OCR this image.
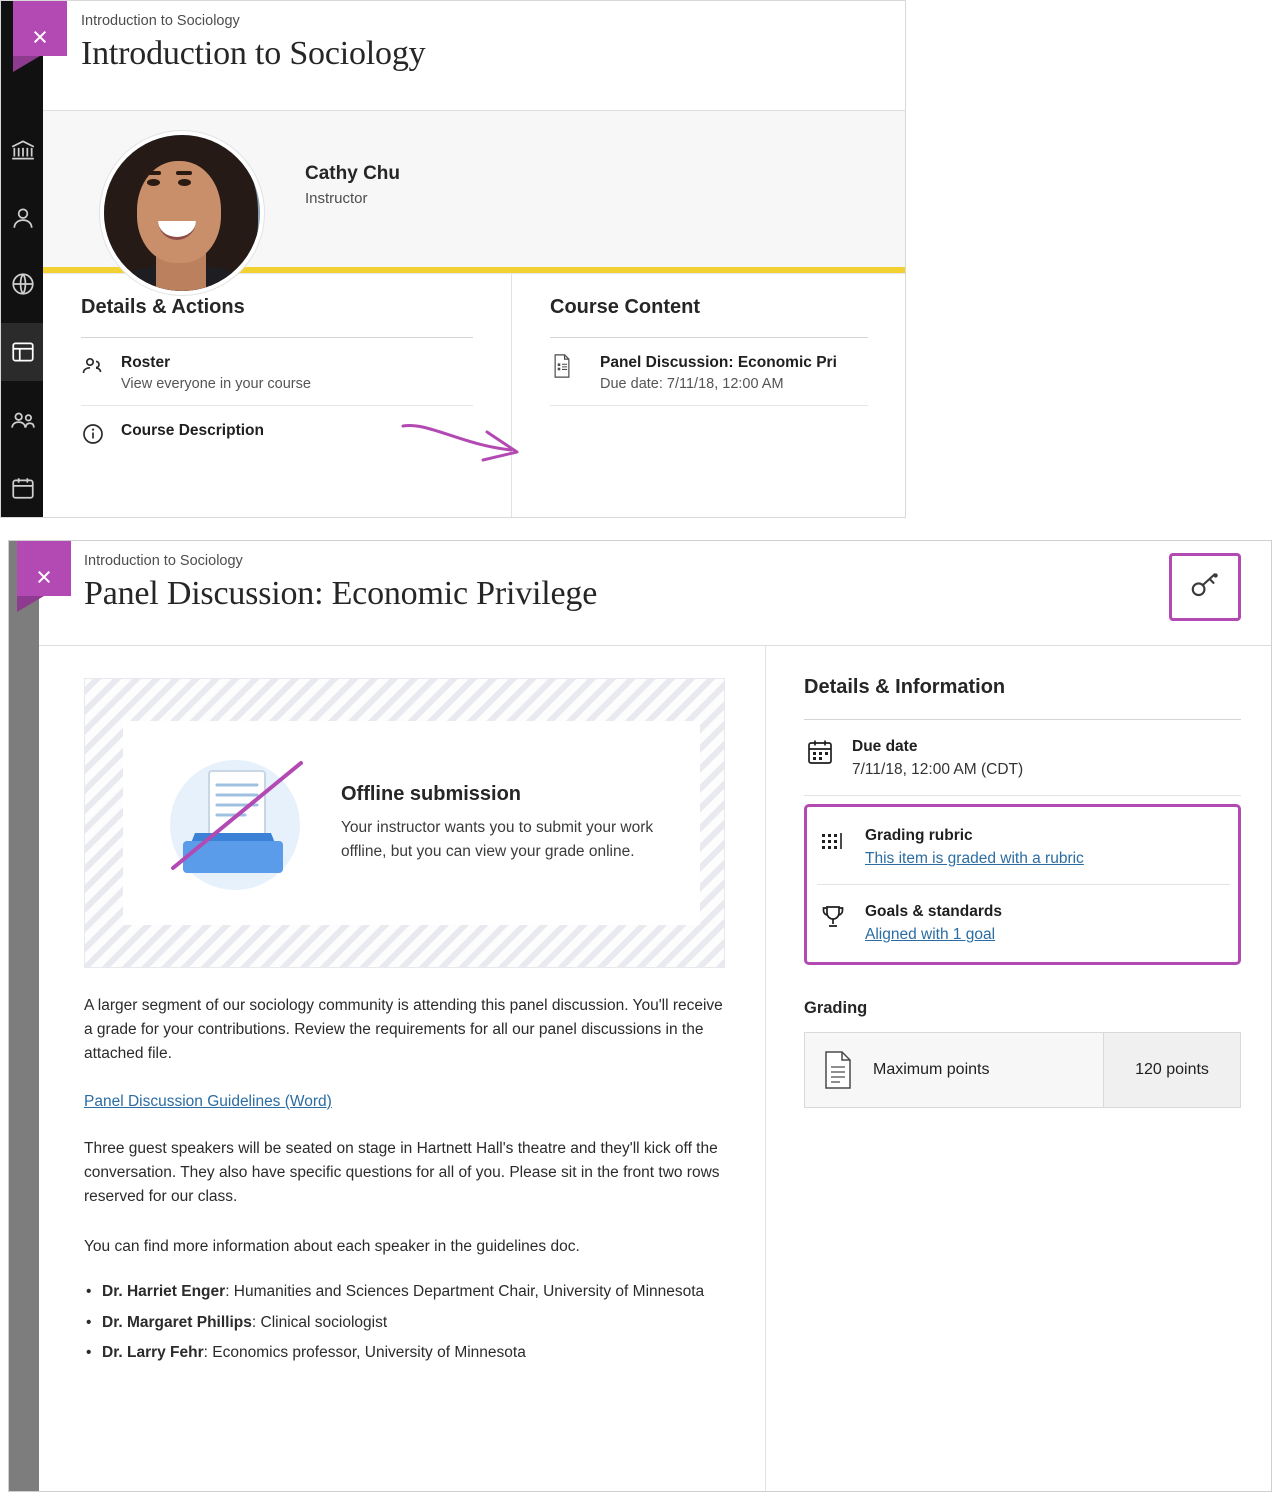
×
Introduction to Sociology
Introduction to Sociology
Cathy Chu
Instructor
Details & Actions
Roster
View everyone in your course
Course Description
Course Content
Panel Discussion: Economic Pri
Due date: 7/11/18, 12:00 AM
×
Introduction to Sociology
Panel Discussion: Economic Privilege
Offline submission
Your instructor wants you to submit your work offline, but you can view your grade online.
A larger segment of our sociology community is attending this panel discussion. You'll receive a grade for your contributions. Review the requirements for all our panel discussions in the attached file.
Panel Discussion Guidelines (Word)
Three guest speakers will be seated on stage in Hartnett Hall's theatre and they'll kick off the conversation. They also have specific questions for all of you. Please sit in the front two rows reserved for our class.
You can find more information about each speaker in the guidelines doc.
• Dr. Harriet Enger: Humanities and Sciences Department Chair, University of Minnesota
• Dr. Margaret Phillips: Clinical sociologist
• Dr. Larry Fehr: Economics professor, University of Minnesota
Details & Information
Due date
7/11/18, 12:00 AM (CDT)
Grading rubric
This item is graded with a rubric
Goals & standards
Aligned with 1 goal
Grading
Maximum points	120 points
